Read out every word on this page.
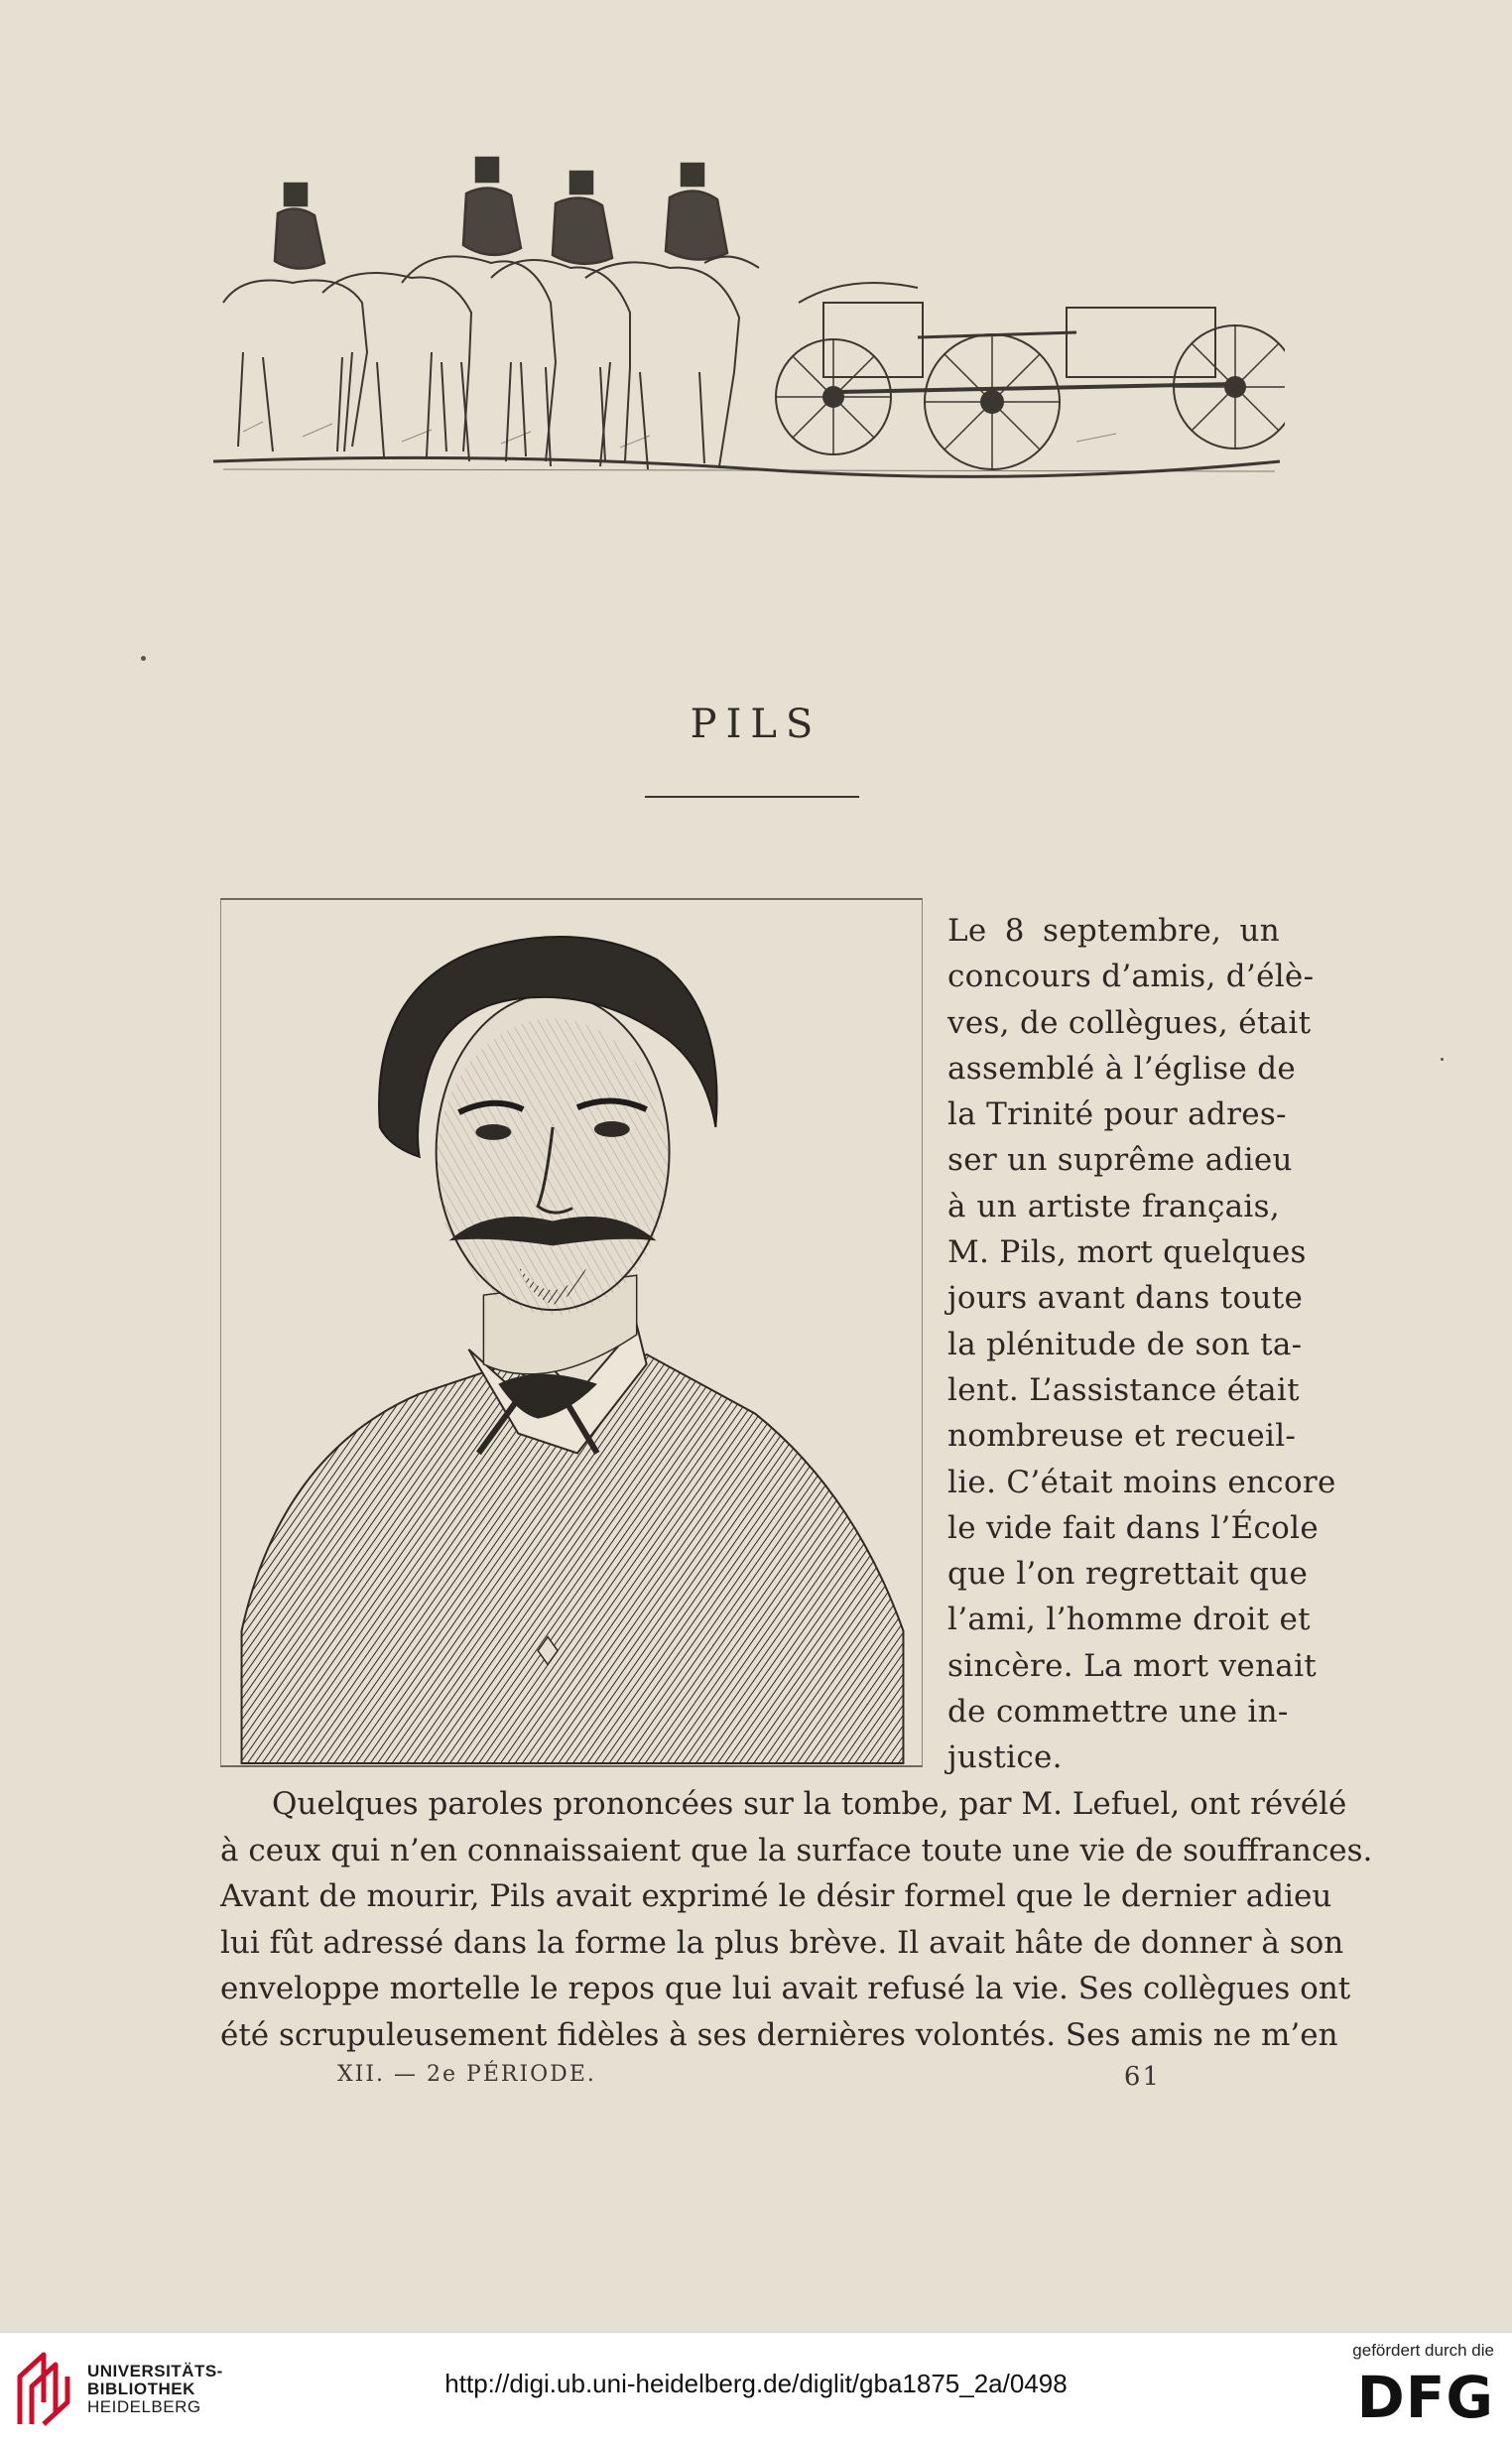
PILS
Le 8 septembre, un
concours d’amis, d’élè-
ves, de collègues, était
assemblé à l’église de
la Trinité pour adres-
ser un suprême adieu
à un artiste français,
M. Pils, mort quelques
jours avant dans toute
la plénitude de son ta-
lent. L’assistance était
nombreuse et recueil-
lie. C’était moins encore
le vide fait dans l’École
que l’on regrettait que
l’ami, l’homme droit et
sincère. La mort venait
de commettre une in-
justice.
Quelques paroles prononcées sur la tombe, par M. Lefuel, ont révélé
à ceux qui n’en connaissaient que la surface toute une vie de souffrances.
Avant de mourir, Pils avait exprimé le désir formel que le dernier adieu
lui fût adressé dans la forme la plus brève. Il avait hâte de donner à son
enveloppe mortelle le repos que lui avait refusé la vie. Ses collègues ont
été scrupuleusement fidèles à ses dernières volontés. Ses amis ne m’en
XII. — 2e PÉRIODE.	61
UNIVERSITÄTS-
BIBLIOTHEK
HEIDELBERG
http://digi.ub.uni-heidelberg.de/diglit/gba1875_2a/0498
gefördert durch die
DFG
